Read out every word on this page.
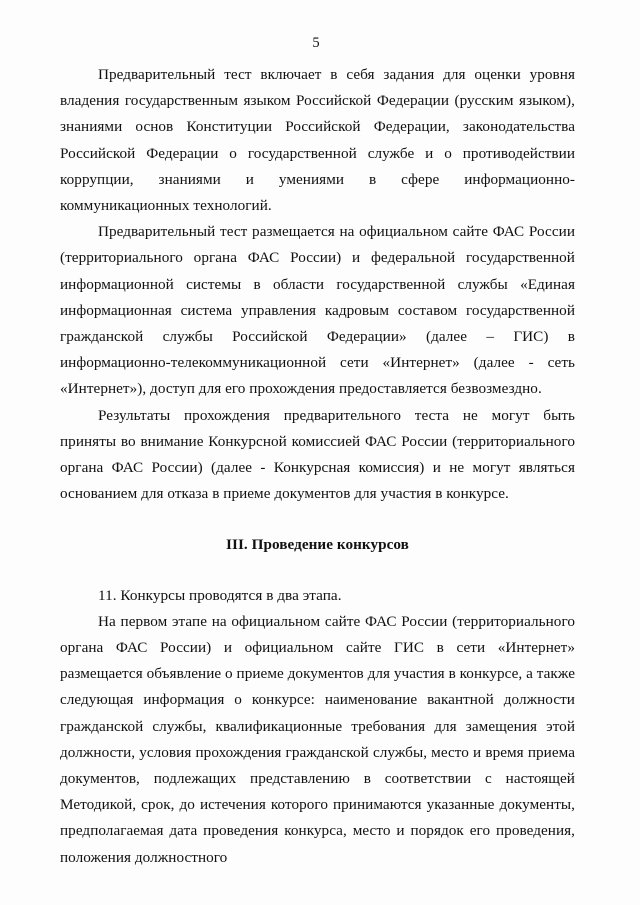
5

Предварительный тест включает в себя задания для оценки уровня владения государственным языком Российской Федерации (русским языком), знаниями основ Конституции Российской Федерации, законодательства Российской Федерации о государственной службе и о противодействии коррупции, знаниями и умениями в сфере информационно-коммуникационных технологий.

Предварительный тест размещается на официальном сайте ФАС России (территориального органа ФАС России) и федеральной государственной информационной системы в области государственной службы «Единая информационная система управления кадровым составом государственной гражданской службы Российской Федерации» (далее – ГИС) в информационно-телекоммуникационной сети «Интернет» (далее - сеть «Интернет»), доступ для его прохождения предоставляется безвозмездно.

Результаты прохождения предварительного теста не могут быть приняты во внимание Конкурсной комиссией ФАС России (территориального органа ФАС России) (далее - Конкурсная комиссия) и не могут являться основанием для отказа в приеме документов для участия в конкурсе.

III. Проведение конкурсов

11. Конкурсы проводятся в два этапа.

На первом этапе на официальном сайте ФАС России (территориального органа ФАС России) и официальном сайте ГИС в сети «Интернет» размещается объявление о приеме документов для участия в конкурсе, а также следующая информация о конкурсе: наименование вакантной должности гражданской службы, квалификационные требования для замещения этой должности, условия прохождения гражданской службы, место и время приема документов, подлежащих представлению в соответствии с настоящей Методикой, срок, до истечения которого принимаются указанные документы, предполагаемая дата проведения конкурса, место и порядок его проведения, положения должностного
